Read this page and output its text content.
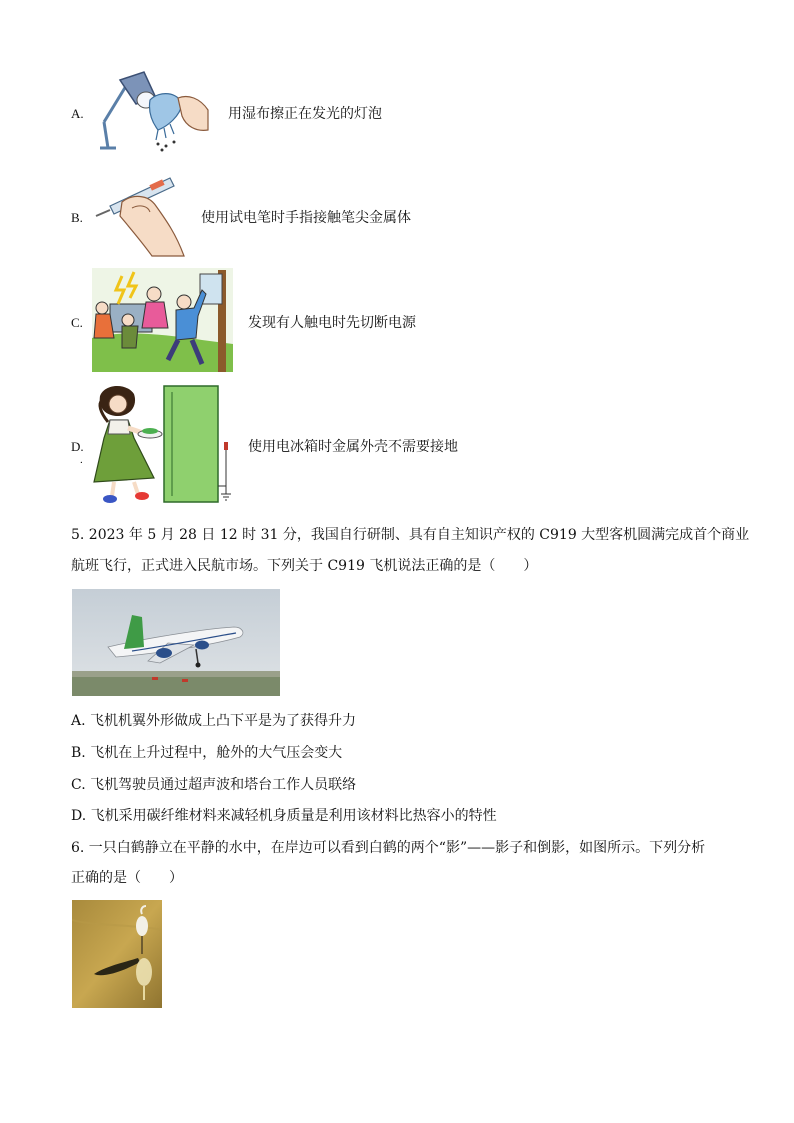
A.	用湿布擦正在发光的灯泡
B.	使用试电笔时手指接触笔尖金属体
C.	发现有人触电时先切断电源
D.
.
使用电冰箱时金属外壳不需要接地
5. 2023 年 5 月 28 日 12 时 31 分，我国自行研制、具有自主知识产权的 C919 大型客机圆满完成首个商业
航班飞行，正式进入民航市场。下列关于 C919 飞机说法正确的是（　　）
A. 飞机机翼外形做成上凸下平是为了获得升力
B. 飞机在上升过程中，舱外的大气压会变大
C. 飞机驾驶员通过超声波和塔台工作人员联络
D. 飞机采用碳纤维材料来减轻机身质量是利用该材料比热容小的特性
6. 一只白鹤静立在平静的水中，在岸边可以看到白鹤的两个“影”——影子和倒影，如图所示。下列分析
正确的是（　　）
